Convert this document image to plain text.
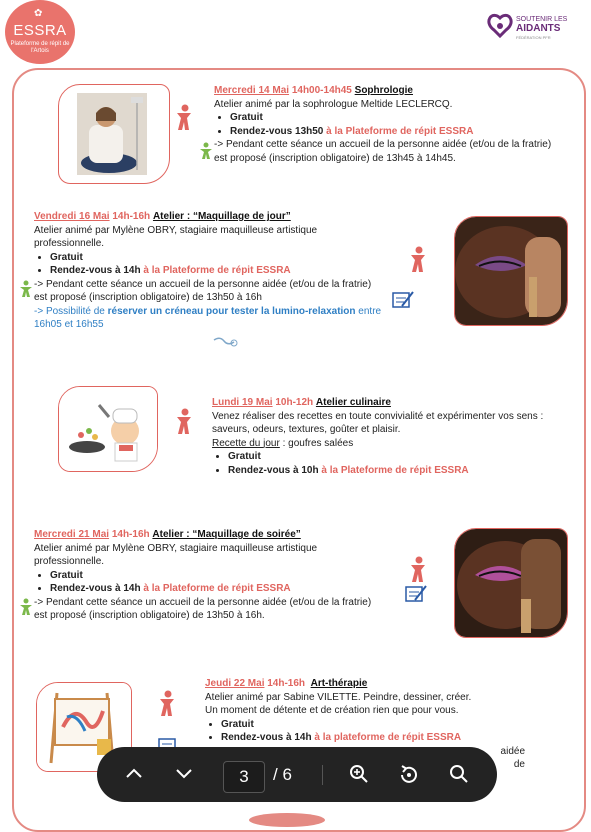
✿
ESSRA
Plateforme de répit de l'Artois
SOUTENIR LES
AIDANTS
FÉDÉRATION PFR

Mercredi 14 Mai 14h00-14h45 Sophrologie

Atelier animé par la sophrologue Meltide LECLERCQ.

• Gratuit
• Rendez-vous 13h50 à la Plateforme de répit ESSRA

-> Pendant cette séance un accueil de la personne aidée (et/ou de la fratrie) est proposé (inscription obligatoire) de 13h45 à 14h45.

Vendredi 16 Mai 14h-16h Atelier : “Maquillage de jour”

Atelier animé par Mylène OBRY, stagiaire maquilleuse artistique professionnelle.

• Gratuit
• Rendez-vous à 14h à la Plateforme de répit ESSRA

-> Pendant cette séance un accueil de la personne aidée (et/ou de la fratrie) est proposé (inscription obligatoire) de 13h50 à 16h

-> Possibilité de réserver un créneau pour tester la lumino-relaxation entre 16h05 et 16h55

Lundi 19 Mai 10h-12h Atelier culinaire

Venez réaliser des recettes en toute convivialité et expérimenter vos sens : saveurs, odeurs, textures, goûter et plaisir.

Recette du jour : goufres salées

• Gratuit
• Rendez-vous à 10h à la Plateforme de répit ESSRA

Mercredi 21 Mai 14h-16h Atelier : “Maquillage de soirée”

Atelier animé par Mylène OBRY, stagiaire maquilleuse artistique professionnelle.

• Gratuit
• Rendez-vous à 14h à la Plateforme de répit ESSRA

-> Pendant cette séance un accueil de la personne aidée (et/ou de la fratrie) est proposé (inscription obligatoire) de 13h50 à 16h.

Jeudi 22 Mai 14h-16h Art-thérapie

Atelier animé par Sabine VILETTE. Peindre, dessiner, créer.

Un moment de détente et de création rien que pour vous.

• Gratuit
• Rendez-vous à 14h à la plateforme de répit ESSRA

aidée

de

3	/ 6
